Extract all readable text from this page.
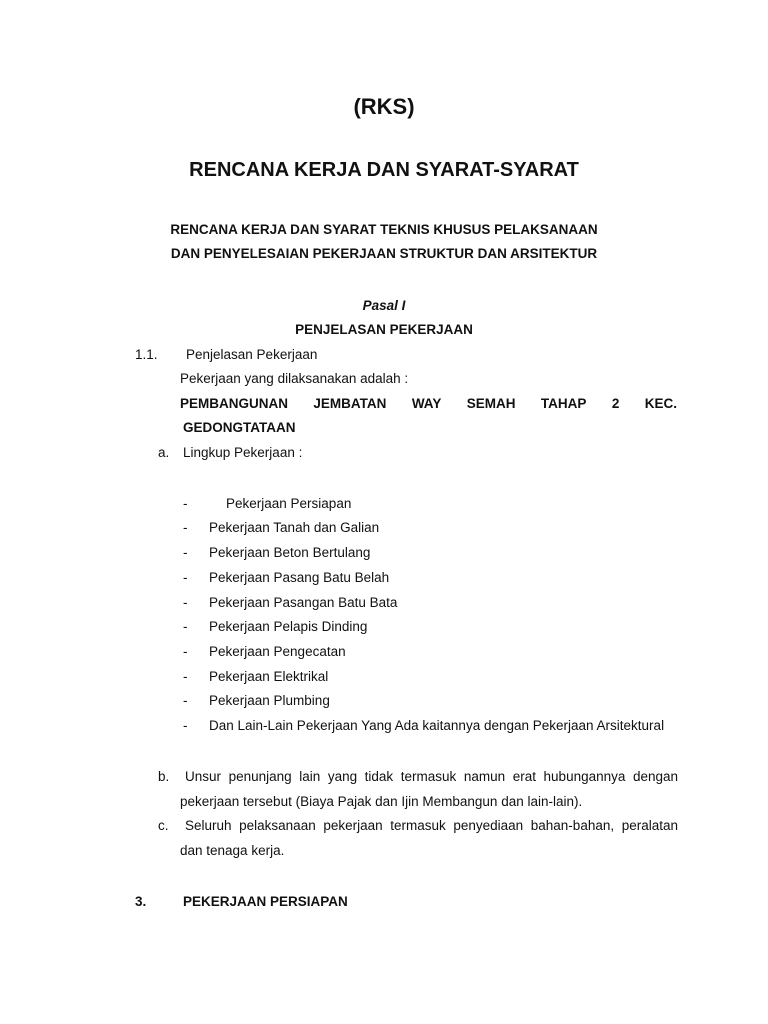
(RKS)
RENCANA KERJA DAN SYARAT-SYARAT
RENCANA KERJA DAN SYARAT TEKNIS KHUSUS PELAKSANAAN
DAN PENYELESAIAN PEKERJAAN STRUKTUR DAN ARSITEKTUR
Pasal I
PENJELASAN PEKERJAAN
1.1. Penjelasan Pekerjaan
Pekerjaan yang dilaksanakan adalah :
PEMBANGUNAN JEMBATAN WAY SEMAH TAHAP 2 KEC.
GEDONGTATAAN
a. Lingkup Pekerjaan :
-	Pekerjaan Persiapan
- Pekerjaan Tanah dan Galian
- Pekerjaan Beton Bertulang
- Pekerjaan Pasang Batu Belah
- Pekerjaan Pasangan Batu Bata
- Pekerjaan Pelapis Dinding
- Pekerjaan Pengecatan
- Pekerjaan Elektrikal
- Pekerjaan Plumbing
- Dan Lain-Lain Pekerjaan Yang Ada kaitannya dengan Pekerjaan Arsitektural
b.	Unsur penunjang lain yang tidak termasuk namun erat hubungannya dengan pekerjaan tersebut (Biaya Pajak dan Ijin Membangun dan lain-lain).
c.	Seluruh pelaksanaan pekerjaan termasuk penyediaan bahan-bahan, peralatan dan tenaga kerja.
3.	PEKERJAAN PERSIAPAN
